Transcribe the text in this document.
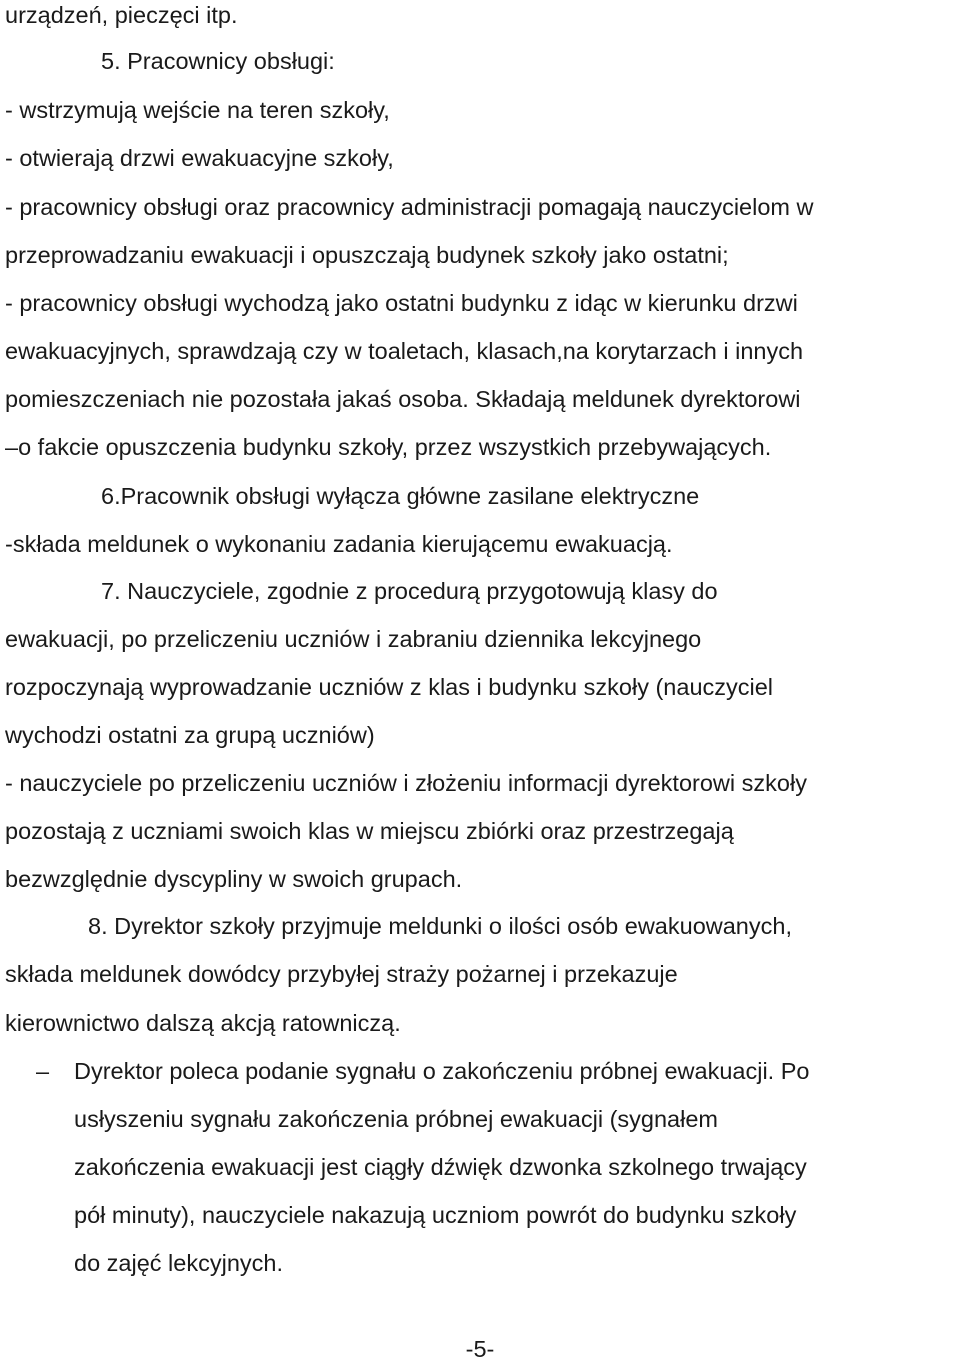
urządzeń, pieczęci itp.
5. Pracownicy obsługi:
- wstrzymują wejście na teren szkoły,
- otwierają drzwi ewakuacyjne szkoły,
- pracownicy obsługi oraz pracownicy administracji pomagają nauczycielom w
przeprowadzaniu ewakuacji i opuszczają budynek szkoły jako ostatni;
- pracownicy obsługi wychodzą jako ostatni budynku z idąc w kierunku drzwi
ewakuacyjnych, sprawdzają czy w toaletach, klasach,na korytarzach i innych
pomieszczeniach nie pozostała jakaś osoba. Składają meldunek dyrektorowi
–o fakcie opuszczenia budynku szkoły, przez wszystkich przebywających.
6.Pracownik obsługi wyłącza główne zasilane elektryczne
-składa meldunek o wykonaniu zadania kierującemu ewakuacją.
7. Nauczyciele, zgodnie z procedurą przygotowują klasy do
ewakuacji, po przeliczeniu uczniów i zabraniu dziennika lekcyjnego
rozpoczynają wyprowadzanie uczniów z klas i budynku szkoły (nauczyciel
wychodzi ostatni za grupą uczniów)
- nauczyciele po przeliczeniu uczniów i złożeniu informacji dyrektorowi szkoły
pozostają z uczniami swoich klas w miejscu zbiórki oraz przestrzegają
bezwzględnie dyscypliny w swoich grupach.
8. Dyrektor szkoły przyjmuje meldunki o ilości osób ewakuowanych,
składa meldunek dowódcy przybyłej straży pożarnej i przekazuje
kierownictwo dalszą akcją ratowniczą.
– Dyrektor poleca podanie sygnału o zakończeniu próbnej ewakuacji. Po
usłyszeniu sygnału zakończenia próbnej ewakuacji (sygnałem
zakończenia ewakuacji jest ciągły dźwięk dzwonka szkolnego trwający
pół minuty), nauczyciele nakazują uczniom powrót do budynku szkoły
do zajęć lekcyjnych.
-5-
